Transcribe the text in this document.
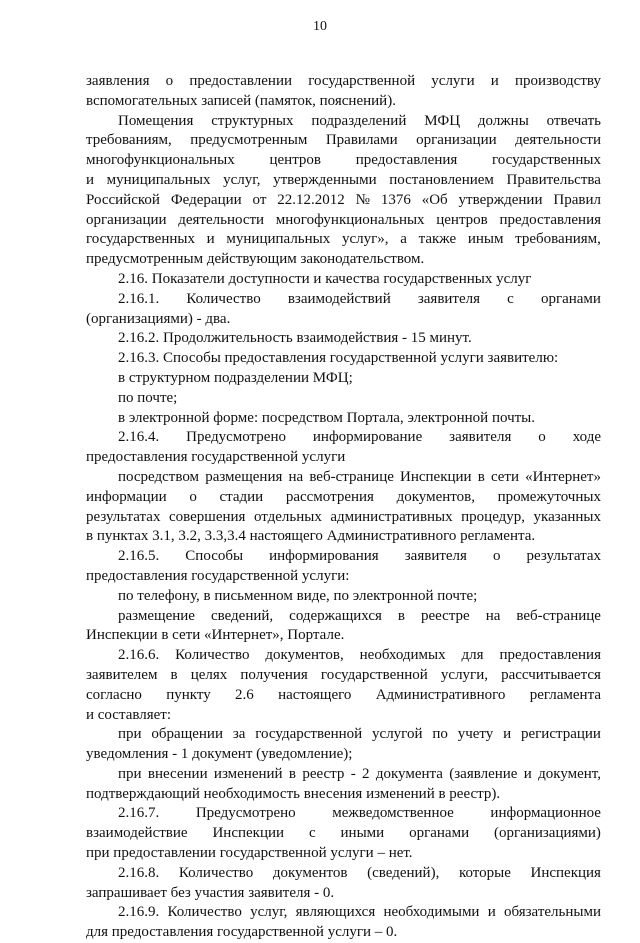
10
заявления о предоставлении государственной услуги и производству
вспомогательных записей (памяток, пояснений).
Помещения структурных подразделений МФЦ должны отвечать
требованиям, предусмотренным Правилами организации деятельности
многофункциональных центров предоставления государственных
и муниципальных услуг, утвержденными постановлением Правительства
Российской Федерации от 22.12.2012 № 1376 «Об утверждении Правил
организации деятельности многофункциональных центров предоставления
государственных и муниципальных услуг», а также иным требованиям,
предусмотренным действующим законодательством.
2.16. Показатели доступности и качества государственных услуг
2.16.1. Количество взаимодействий заявителя с органами
(организациями) - два.
2.16.2. Продолжительность взаимодействия - 15 минут.
2.16.3. Способы предоставления государственной услуги заявителю:
в структурном подразделении МФЦ;
по почте;
в электронной форме: посредством Портала, электронной почты.
2.16.4. Предусмотрено информирование заявителя о ходе
предоставления государственной услуги
посредством размещения на веб-странице Инспекции в сети «Интернет»
информации о стадии рассмотрения документов, промежуточных
результатах совершения отдельных административных процедур, указанных
в пунктах 3.1, 3.2, 3.3,3.4 настоящего Административного регламента.
2.16.5. Способы информирования заявителя о результатах
предоставления государственной услуги:
по телефону, в письменном виде, по электронной почте;
размещение сведений, содержащихся в реестре на веб-странице
Инспекции в сети «Интернет», Портале.
2.16.6. Количество документов, необходимых для предоставления
заявителем в целях получения государственной услуги, рассчитывается
согласно пункту 2.6 настоящего Административного регламента
и составляет:
при обращении за государственной услугой по учету и регистрации
уведомления - 1 документ (уведомление);
при внесении изменений в реестр - 2 документа (заявление и документ,
подтверждающий необходимость внесения изменений в реестр).
2.16.7. Предусмотрено межведомственное информационное
взаимодействие Инспекции с иными органами (организациями)
при предоставлении государственной услуги – нет.
2.16.8. Количество документов (сведений), которые Инспекция
запрашивает без участия заявителя - 0.
2.16.9. Количество услуг, являющихся необходимыми и обязательными
для предоставления государственной услуги – 0.
